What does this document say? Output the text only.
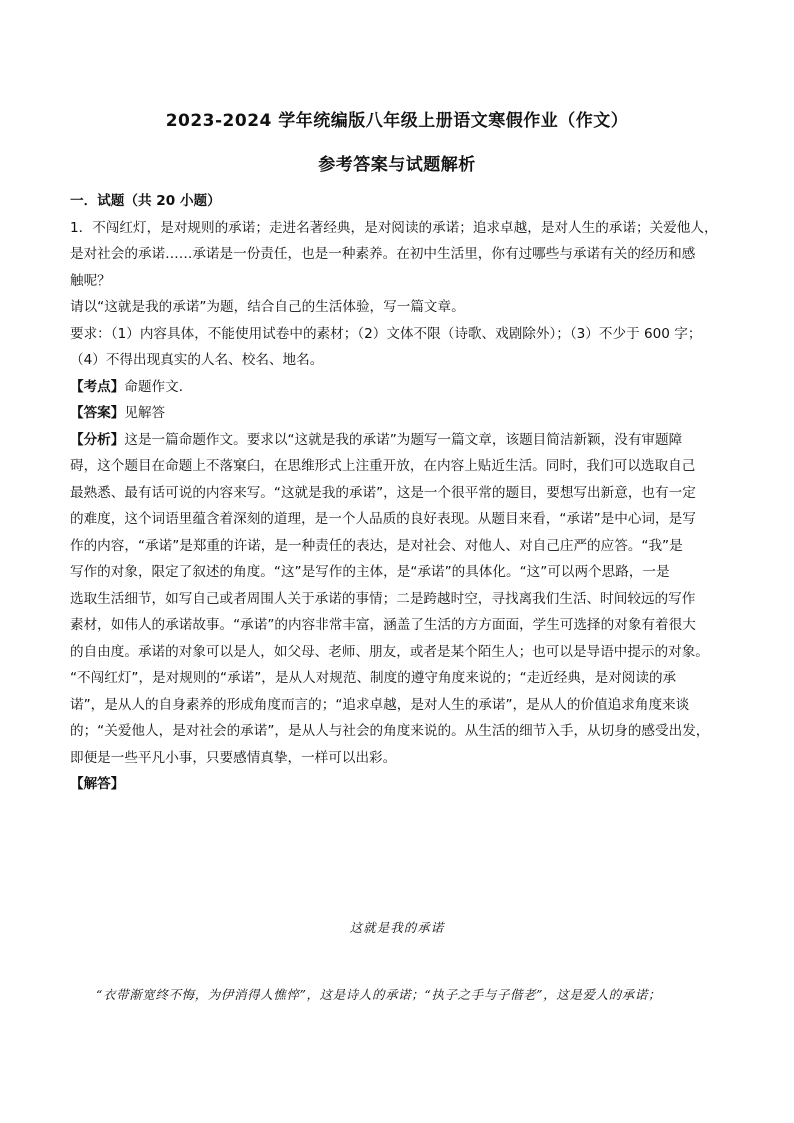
2023-2024 学年统编版八年级上册语文寒假作业（作文）
参考答案与试题解析

一．试题（共 20 小题）

1．不闯红灯，是对规则的承诺；走进名著经典，是对阅读的承诺；追求卓越，是对人生的承诺；关爱他人，

是对社会的承诺……承诺是一份责任，也是一种素养。在初中生活里，你有过哪些与承诺有关的经历和感

触呢？

请以“这就是我的承诺”为题，结合自己的生活体验，写一篇文章。

要求：（1）内容具体，不能使用试卷中的素材；（2）文体不限（诗歌、戏剧除外）；（3）不少于 600 字；

（4）不得出现真实的人名、校名、地名。

【考点】命题作文．

【答案】见解答

【分析】这是一篇命题作文。要求以“这就是我的承诺”为题写一篇文章，该题目简洁新颖，没有审题障

碍，这个题目在命题上不落窠臼，在思维形式上注重开放，在内容上贴近生活。同时，我们可以选取自己

最熟悉、最有话可说的内容来写。“这就是我的承诺”，这是一个很平常的题目，要想写出新意，也有一定

的难度，这个词语里蕴含着深刻的道理，是一个人品质的良好表现。从题目来看，“承诺”是中心词，是写

作的内容，“承诺”是郑重的许诺，是一种责任的表达，是对社会、对他人、对自己庄严的应答。“我”是

写作的对象，限定了叙述的角度。“这”是写作的主体，是“承诺”的具体化。“这”可以两个思路，一是

选取生活细节，如写自己或者周围人关于承诺的事情；二是跨越时空，寻找离我们生活、时间较远的写作

素材，如伟人的承诺故事。“承诺”的内容非常丰富，涵盖了生活的方方面面，学生可选择的对象有着很大

的自由度。承诺的对象可以是人，如父母、老师、朋友，或者是某个陌生人；也可以是导语中提示的对象。

“不闯红灯”，是对规则的“承诺”，是从人对规范、制度的遵守角度来说的；“走近经典，是对阅读的承

诺”，是从人的自身素养的形成角度而言的；“追求卓越，是对人生的承诺”，是从人的价值追求角度来谈

的；“关爱他人，是对社会的承诺”，是从人与社会的角度来说的。从生活的细节入手，从切身的感受出发，

即便是一些平凡小事，只要感情真挚，一样可以出彩。

【解答】

这就是我的承诺
“衣带渐宽终不悔，为伊消得人憔悴”，这是诗人的承诺；“执子之手与子偕老”，这是爱人的承诺；
